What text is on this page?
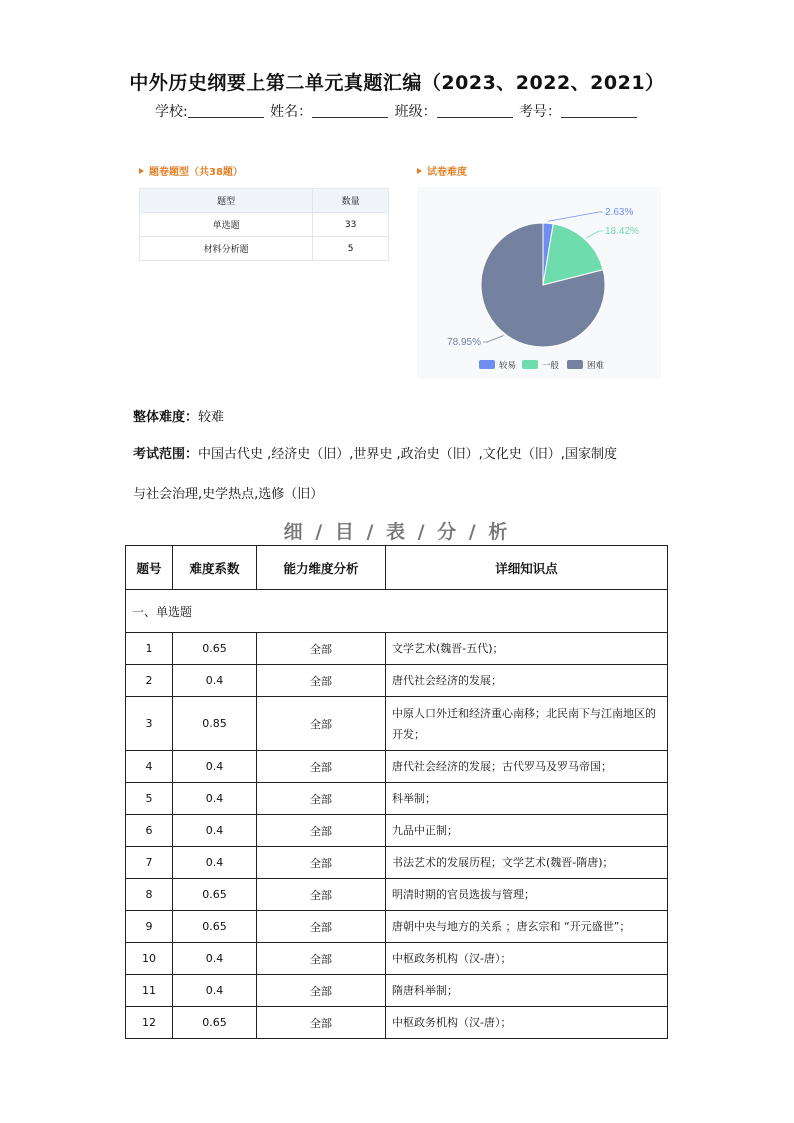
中外历史纲要上第二单元真题汇编（2023、2022、2021）
学校:	姓名：	班级：	考号：
题卷题型（共38题）
题型	数量
单选题	33
材料分析题	5
试卷难度
2.63%
18.42%
78.95%
较易	一般	困难
整体难度：较难
考试范围：中国古代史 ,经济史（旧）,世界史 ,政治史（旧）,文化史（旧）,国家制度
与社会治理,史学热点,选修（旧）
细 / 目 / 表 / 分 / 析
题号	难度系数	能力维度分析	详细知识点
一、单选题			
1	0.65	全部	文学艺术(魏晋-五代)；
2	0.4	全部	唐代社会经济的发展；
3	0.85	全部	中原人口外迁和经济重心南移；北民南下与江南地区的开发；
4	0.4	全部	唐代社会经济的发展；古代罗马及罗马帝国；
5	0.4	全部	科举制；
6	0.4	全部	九品中正制；
7	0.4	全部	书法艺术的发展历程；文学艺术(魏晋-隋唐)；
8	0.65	全部	明清时期的官员选拔与管理；
9	0.65	全部	唐朝中央与地方的关系 ；唐玄宗和 “开元盛世”；
10	0.4	全部	中枢政务机构（汉-唐）；
11	0.4	全部	隋唐科举制；
12	0.65	全部	中枢政务机构（汉-唐）；
